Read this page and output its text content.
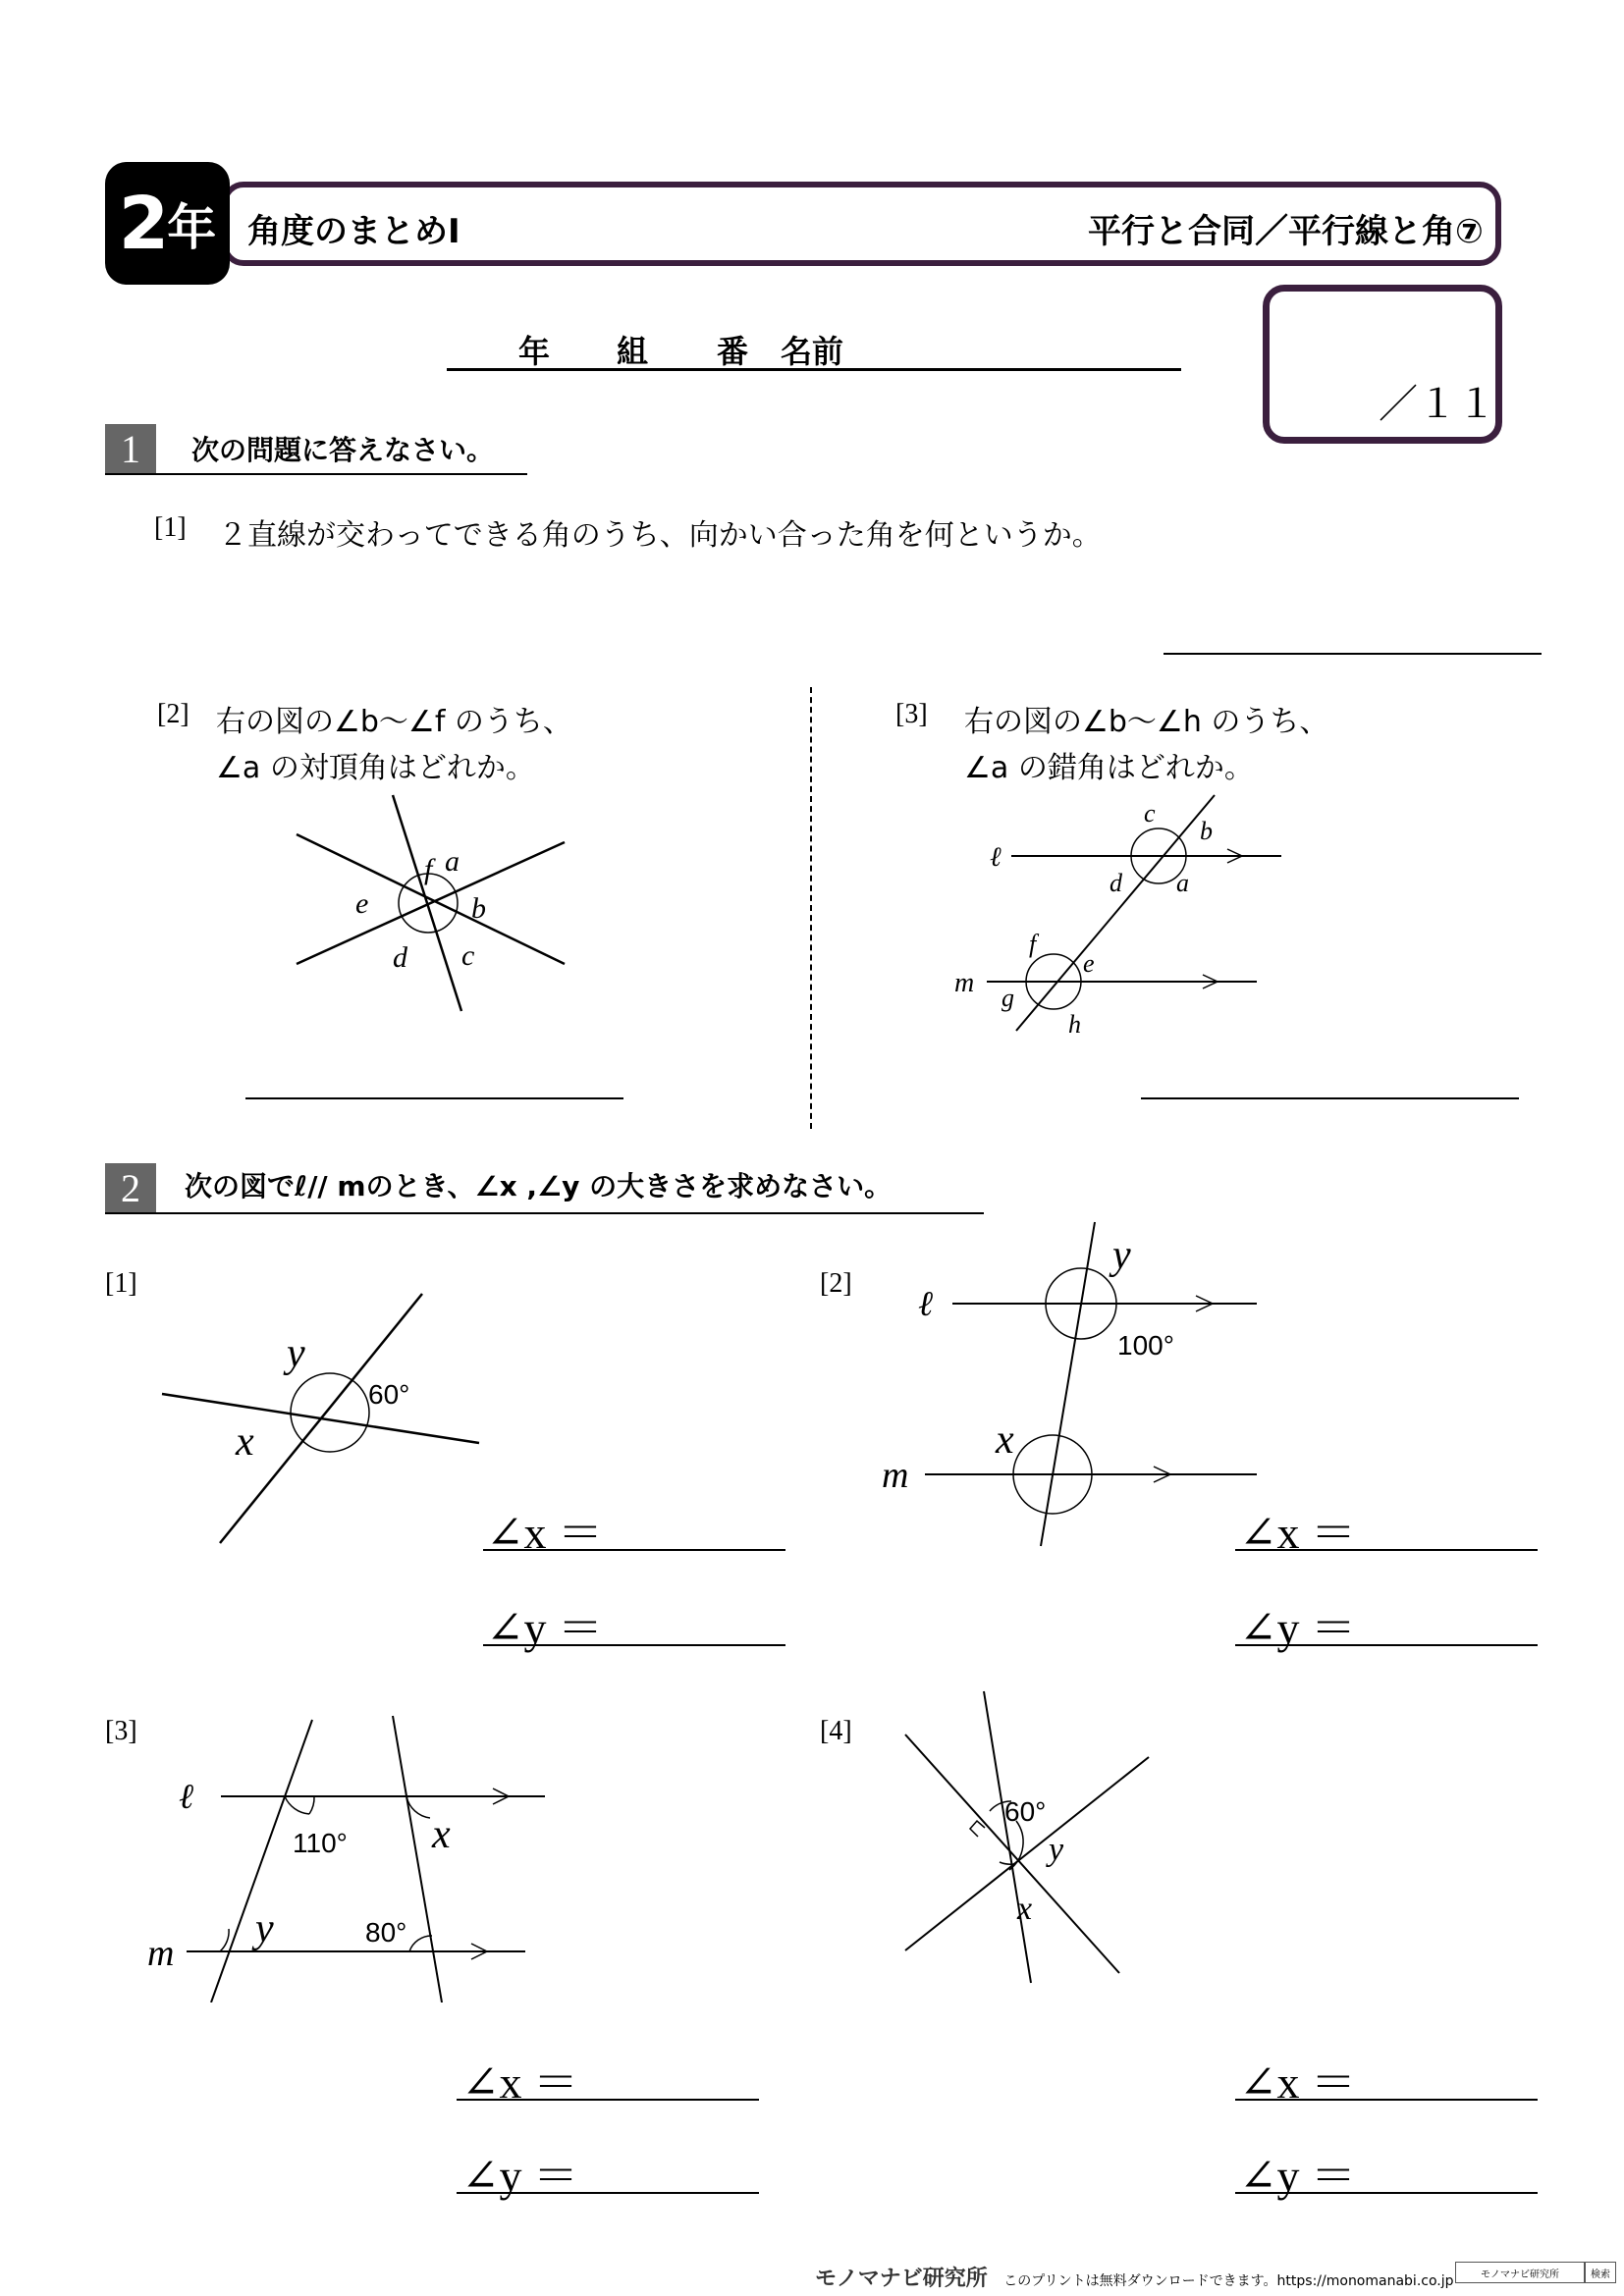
2 年 角度のまとめⅠ	平行と合同／平行線と角⑦
年 組 番 名前
／１１
1	次の問題に答えなさい。
[1] ２直線が交わってできる角のうち、向かい合った角を何というか。
[2] 右の図の∠b〜∠f のうち、
∠a の対頂角はどれか。
f a
b
c
d
e
[3] 右の図の∠b〜∠h のうち、
∠a の錯角はどれか。
ℓ
m
c
b
d a
f
e
g
h
2	次の図でℓ// mのとき、∠x ,∠y の大きさを求めなさい。
[1]
y
x
60°
∠x ＝
∠y ＝
[2]
ℓ
m
y
x
100°
∠x ＝
∠y ＝
[3]
ℓ
m
x
y
110°
80°
∠x ＝
∠y ＝
[4]
60°
y
x
∠x ＝
∠y ＝
モノマナビ研究所 このプリントは無料ダウンロードできます。https://monomanabi.co.jp	モノマナビ研究所	検索
